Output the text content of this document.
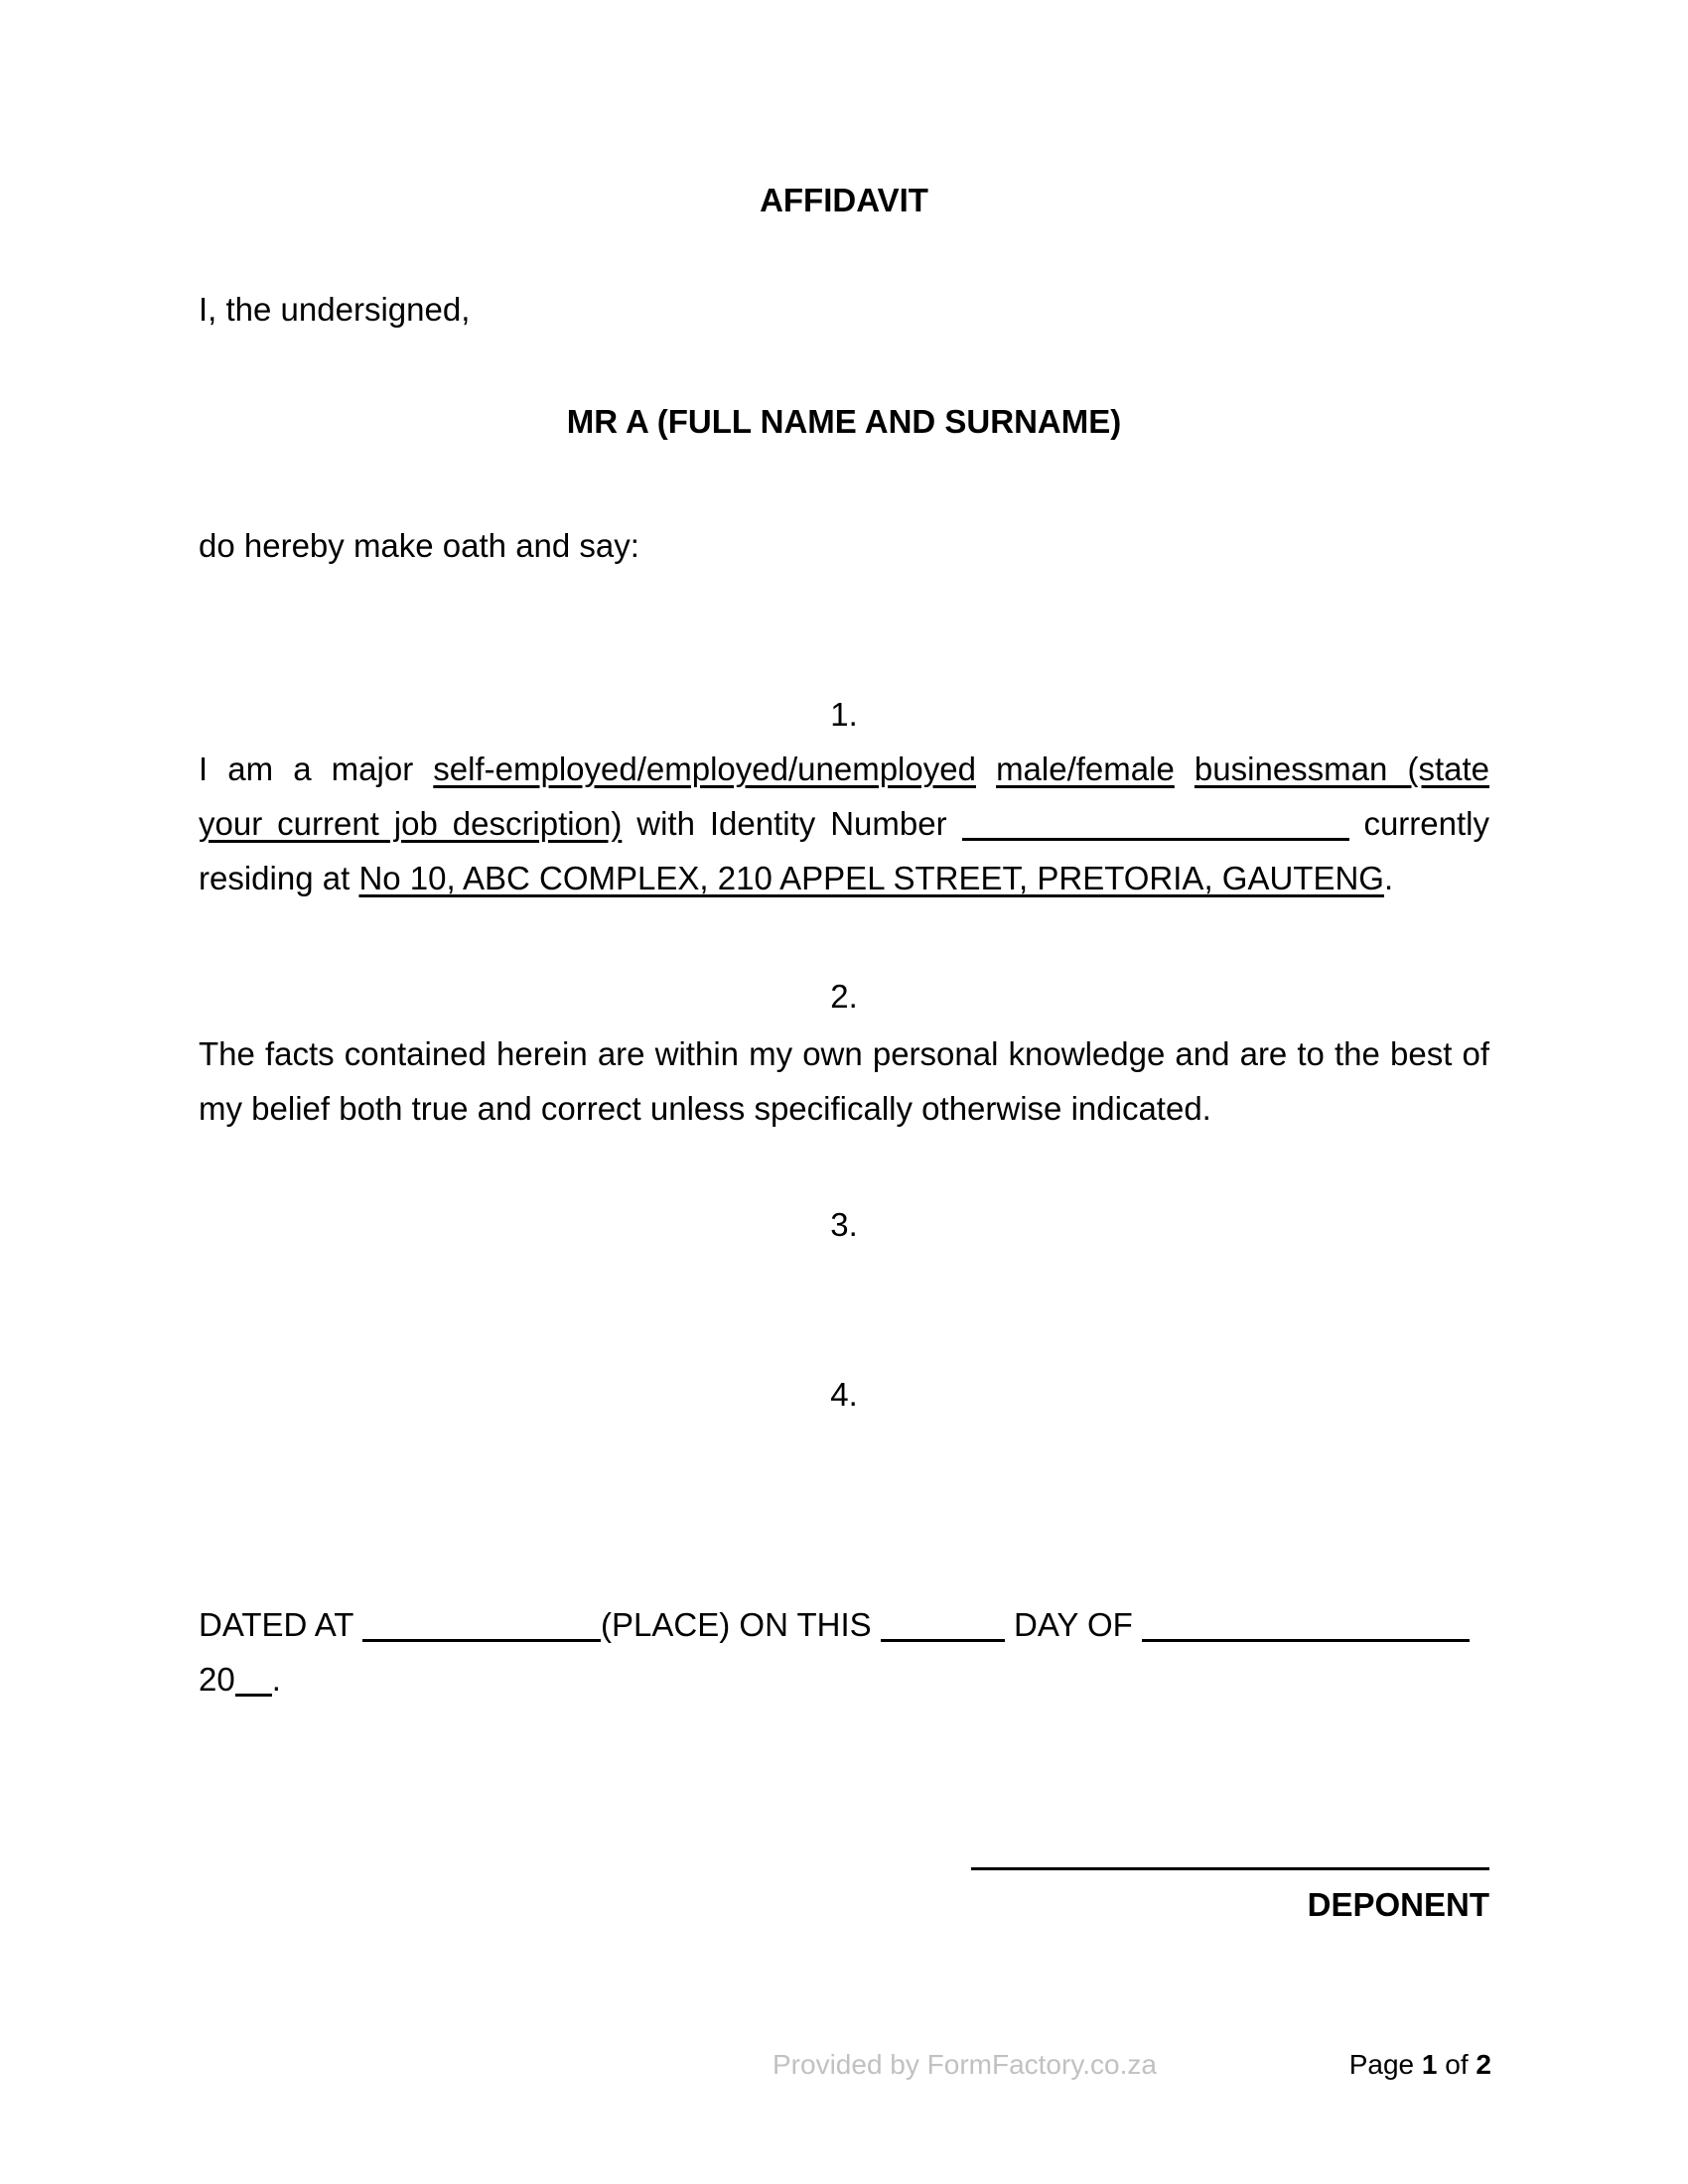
AFFIDAVIT
I, the undersigned,
MR A (FULL NAME AND SURNAME)
do hereby make oath and say:
1.
I am a major self-employed/employed/unemployed male/female businessman (state
your current job description) with Identity Number	currently
residing at No 10, ABC COMPLEX, 210 APPEL STREET, PRETORIA, GAUTENG.
2.
The facts contained herein are within my own personal knowledge and are to the best of
my belief both true and correct unless specifically otherwise indicated.
3.
4.
DATED AT	(PLACE) ON THIS	DAY OF
20 .
DEPONENT
Provided by FormFactory.co.za	Page 1 of 2
